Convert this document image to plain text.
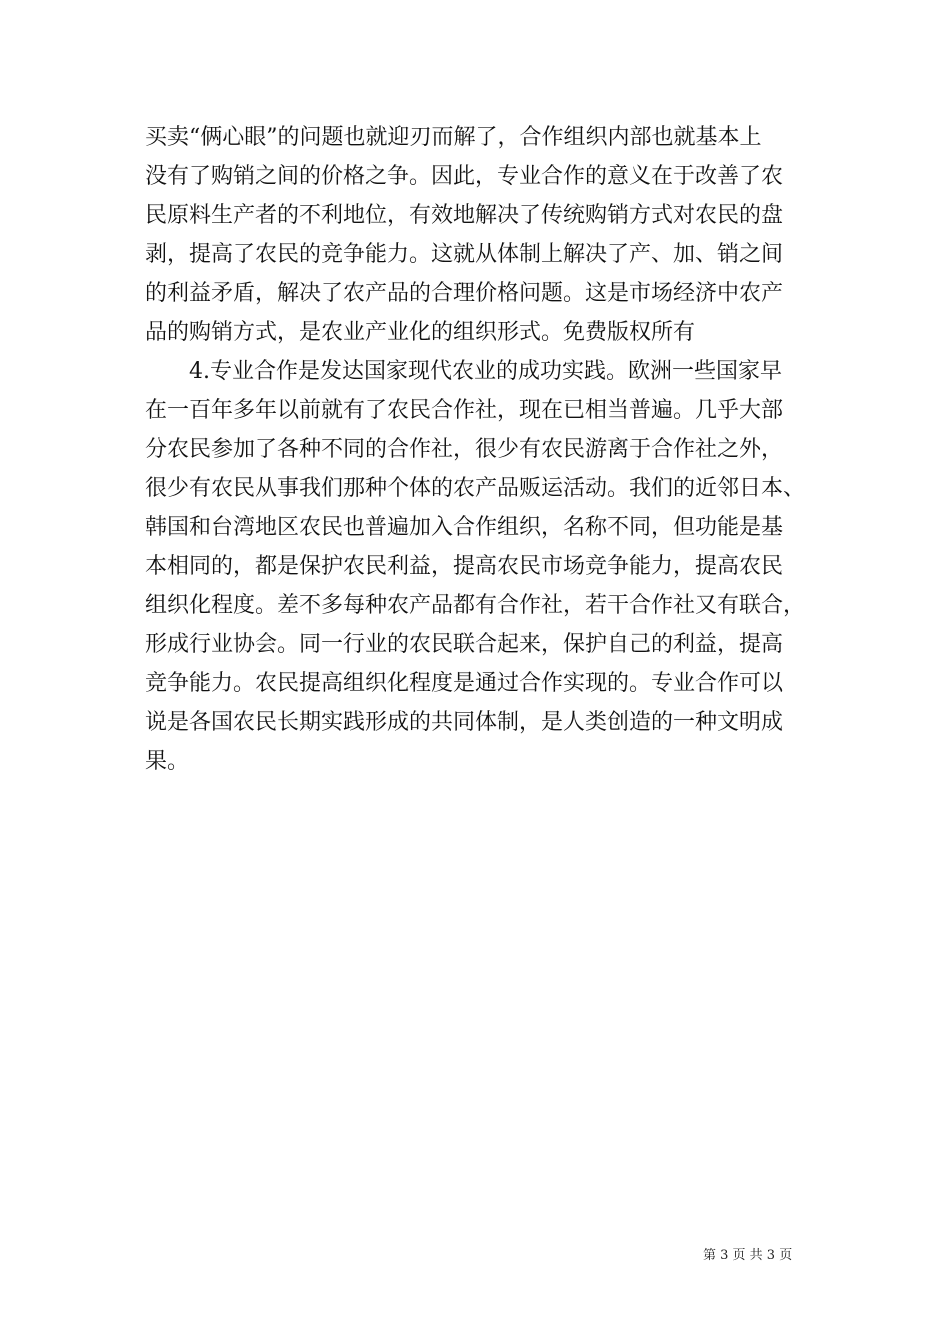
买卖“俩心眼”的问题也就迎刃而解了，合作组织内部也就基本上
没有了购销之间的价格之争。因此，专业合作的意义在于改善了农
民原料生产者的不利地位，有效地解决了传统购销方式对农民的盘
剥，提高了农民的竞争能力。这就从体制上解决了产、加、销之间
的利益矛盾，解决了农产品的合理价格问题。这是市场经济中农产
品的购销方式，是农业产业化的组织形式。免费版权所有
4.专业合作是发达国家现代农业的成功实践。欧洲一些国家早
在一百年多年以前就有了农民合作社，现在已相当普遍。几乎大部
分农民参加了各种不同的合作社，很少有农民游离于合作社之外，
很少有农民从事我们那种个体的农产品贩运活动。我们的近邻日本、
韩国和台湾地区农民也普遍加入合作组织，名称不同，但功能是基
本相同的，都是保护农民利益，提高农民市场竞争能力，提高农民
组织化程度。差不多每种农产品都有合作社，若干合作社又有联合，
形成行业协会。同一行业的农民联合起来，保护自己的利益，提高
竞争能力。农民提高组织化程度是通过合作实现的。专业合作可以
说是各国农民长期实践形成的共同体制，是人类创造的一种文明成
果。
第 3 页 共 3 页
